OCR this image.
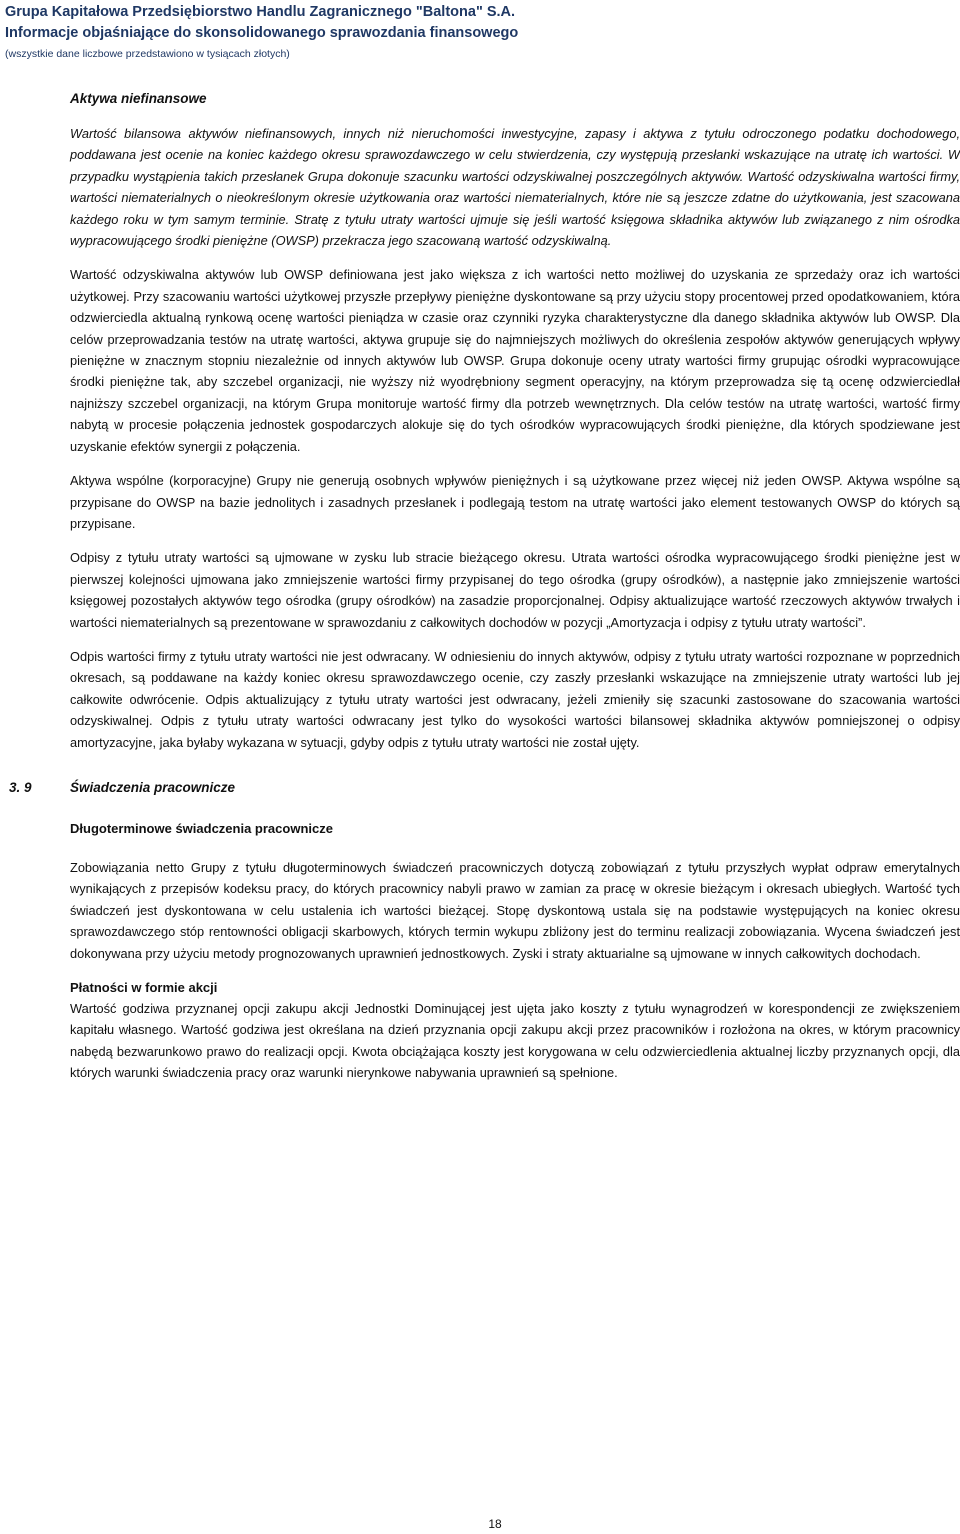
Grupa Kapitałowa Przedsiębiorstwo Handlu Zagranicznego "Baltona" S.A.
Informacje objaśniające do skonsolidowanego sprawozdania finansowego
(wszystkie dane liczbowe przedstawiono w tysiącach złotych)
Aktywa niefinansowe

Wartość bilansowa aktywów niefinansowych, innych niż nieruchomości inwestycyjne, zapasy i aktywa z tytułu odroczonego podatku dochodowego, poddawana jest ocenie na koniec każdego okresu sprawozdawczego w celu stwierdzenia, czy występują przesłanki wskazujące na utratę ich wartości. W przypadku wystąpienia takich przesłanek Grupa dokonuje szacunku wartości odzyskiwalnej poszczególnych aktywów. Wartość odzyskiwalna wartości firmy, wartości niematerialnych o nieokreślonym okresie użytkowania oraz wartości niematerialnych, które nie są jeszcze zdatne do użytkowania, jest szacowana każdego roku w tym samym terminie. Stratę z tytułu utraty wartości ujmuje się jeśli wartość księgowa składnika aktywów lub związanego z nim ośrodka wypracowującego środki pieniężne (OWSP) przekracza jego szacowaną wartość odzyskiwalną.

Wartość odzyskiwalna aktywów lub OWSP definiowana jest jako większa z ich wartości netto możliwej do uzyskania ze sprzedaży oraz ich wartości użytkowej. Przy szacowaniu wartości użytkowej przyszłe przepływy pieniężne dyskontowane są przy użyciu stopy procentowej przed opodatkowaniem, która odzwierciedla aktualną rynkową ocenę wartości pieniądza w czasie oraz czynniki ryzyka charakterystyczne dla danego składnika aktywów lub OWSP. Dla celów przeprowadzania testów na utratę wartości, aktywa grupuje się do najmniejszych możliwych do określenia zespołów aktywów generujących wpływy pieniężne w znacznym stopniu niezależnie od innych aktywów lub OWSP. Grupa dokonuje oceny utraty wartości firmy grupując ośrodki wypracowujące środki pieniężne tak, aby szczebel organizacji, nie wyższy niż wyodrębniony segment operacyjny, na którym przeprowadza się tą ocenę odzwierciedlał najniższy szczebel organizacji, na którym Grupa monitoruje wartość firmy dla potrzeb wewnętrznych. Dla celów testów na utratę wartości, wartość firmy nabytą w procesie połączenia jednostek gospodarczych alokuje się do tych ośrodków wypracowujących środki pieniężne, dla których spodziewane jest uzyskanie efektów synergii z połączenia.

Aktywa wspólne (korporacyjne) Grupy nie generują osobnych wpływów pieniężnych i są użytkowane przez więcej niż jeden OWSP. Aktywa wspólne są przypisane do OWSP na bazie jednolitych i zasadnych przesłanek i podlegają testom na utratę wartości jako element testowanych OWSP do których są przypisane.

Odpisy z tytułu utraty wartości są ujmowane w zysku lub stracie bieżącego okresu. Utrata wartości ośrodka wypracowującego środki pieniężne jest w pierwszej kolejności ujmowana jako zmniejszenie wartości firmy przypisanej do tego ośrodka (grupy ośrodków), a następnie jako zmniejszenie wartości księgowej pozostałych aktywów tego ośrodka (grupy ośrodków) na zasadzie proporcjonalnej. Odpisy aktualizujące wartość rzeczowych aktywów trwałych i wartości niematerialnych są prezentowane w sprawozdaniu z całkowitych dochodów w pozycji „Amortyzacja i odpisy z tytułu utraty wartości”.

Odpis wartości firmy z tytułu utraty wartości nie jest odwracany. W odniesieniu do innych aktywów, odpisy z tytułu utraty wartości rozpoznane w poprzednich okresach, są poddawane na każdy koniec okresu sprawozdawczego ocenie, czy zaszły przesłanki wskazujące na zmniejszenie utraty wartości lub jej całkowite odwrócenie. Odpis aktualizujący z tytułu utraty wartości jest odwracany, jeżeli zmieniły się szacunki zastosowane do szacowania wartości odzyskiwalnej. Odpis z tytułu utraty wartości odwracany jest tylko do wysokości wartości bilansowej składnika aktywów pomniejszonej o odpisy amortyzacyjne, jaka byłaby wykazana w sytuacji, gdyby odpis z tytułu utraty wartości nie został ujęty.

3. 9	Świadczenia pracownicze
Długoterminowe świadczenia pracownicze

Zobowiązania netto Grupy z tytułu długoterminowych świadczeń pracowniczych dotyczą zobowiązań z tytułu przyszłych wypłat odpraw emerytalnych wynikających z przepisów kodeksu pracy, do których pracownicy nabyli prawo w zamian za pracę w okresie bieżącym i okresach ubiegłych. Wartość tych świadczeń jest dyskontowana w celu ustalenia ich wartości bieżącej. Stopę dyskontową ustala się na podstawie występujących na koniec okresu sprawozdawczego stóp rentowności obligacji skarbowych, których termin wykupu zbliżony jest do terminu realizacji zobowiązania. Wycena świadczeń jest dokonywana przy użyciu metody prognozowanych uprawnień jednostkowych. Zyski i straty aktuarialne są ujmowane w innych całkowitych dochodach.

Płatności w formie akcji

Wartość godziwa przyznanej opcji zakupu akcji Jednostki Dominującej jest ujęta jako koszty z tytułu wynagrodzeń w korespondencji ze zwiększeniem kapitału własnego. Wartość godziwa jest określana na dzień przyznania opcji zakupu akcji przez pracowników i rozłożona na okres, w którym pracownicy nabędą bezwarunkowo prawo do realizacji opcji. Kwota obciążająca koszty jest korygowana w celu odzwierciedlenia aktualnej liczby przyznanych opcji, dla których warunki świadczenia pracy oraz warunki nierynkowe nabywania uprawnień są spełnione.

18
